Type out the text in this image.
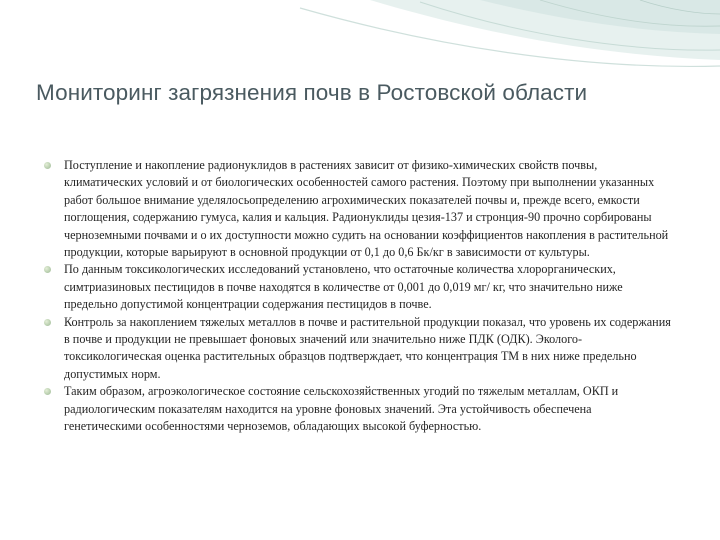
Мониторинг загрязнения почв в Ростовской области
Поступление и накопление радионуклидов в растениях зависит от физико-химических свойств почвы, климатических условий и от биологических особенностей самого растения. Поэтому при выполнении указанных работ большое внимание уделялосьопределению агрохимических показателей почвы и, прежде всего, емкости поглощения, содержанию гумуса, калия и кальция. Радионуклиды цезия-137 и стронция-90 прочно сорбированы черноземными почвами и о их доступности можно судить на основании коэффициентов накопления в растительной продукции, которые варьируют в основной продукции от 0,1 до 0,6 Бк/кг в зависимости от культуры.
По данным токсикологических исследований установлено, что остаточные количества хлорорганических, симтриазиновых пестицидов в почве находятся в количестве от 0,001 до 0,019 мг/ кг, что значительно ниже предельно допустимой концентрации содержания пестицидов в почве.
Контроль за накоплением тяжелых металлов в почве и растительной продукции показал, что уровень их содержания в почве и продукции не превышает фоновых значений или значительно ниже ПДК (ОДК). Эколого-токсикологическая оценка растительных образцов подтверждает, что концентрация ТМ в них ниже предельно допустимых норм.
Таким образом, агроэкологическое состояние сельскохозяйственных угодий по тяжелым металлам, ОКП и радиологическим показателям находится на уровне фоновых значений. Эта устойчивость обеспечена генетическими особенностями черноземов, обладающих высокой буферностью.
